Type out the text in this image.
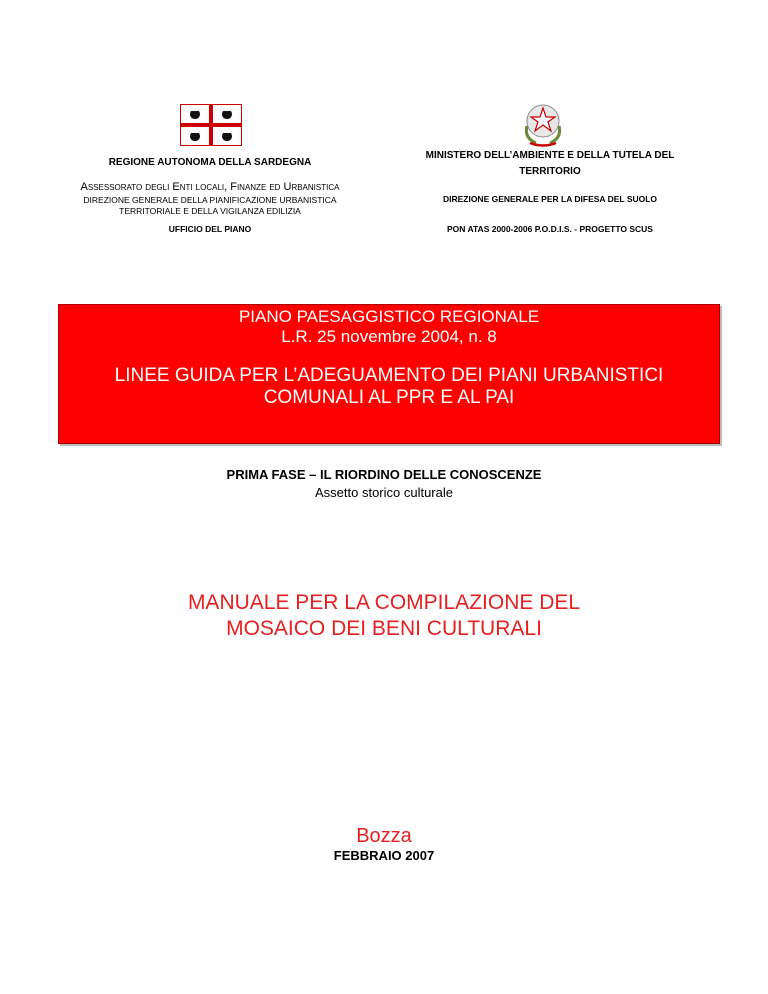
REGIONE AUTONOMA DELLA SARDEGNA
Assessorato degli Enti locali, Finanze ed Urbanistica
DIREZIONE GENERALE DELLA PIANIFICAZIONE URBANISTICA
TERRITORIALE E DELLA VIGILANZA EDILIZIA
UFFICIO DEL PIANO
MINISTERO DELL’AMBIENTE E DELLA TUTELA DEL
TERRITORIO
DIREZIONE GENERALE PER LA DIFESA DEL SUOLO
PON ATAS 2000-2006 P.O.D.I.S. - PROGETTO SCUS
PIANO PAESAGGISTICO REGIONALE
L.R. 25 novembre 2004, n. 8
LINEE GUIDA PER L’ADEGUAMENTO DEI PIANI URBANISTICI
COMUNALI AL PPR E AL PAI
PRIMA FASE – IL RIORDINO DELLE CONOSCENZE
Assetto storico culturale
MANUALE PER LA COMPILAZIONE DEL
MOSAICO DEI BENI CULTURALI
Bozza
FEBBRAIO 2007
